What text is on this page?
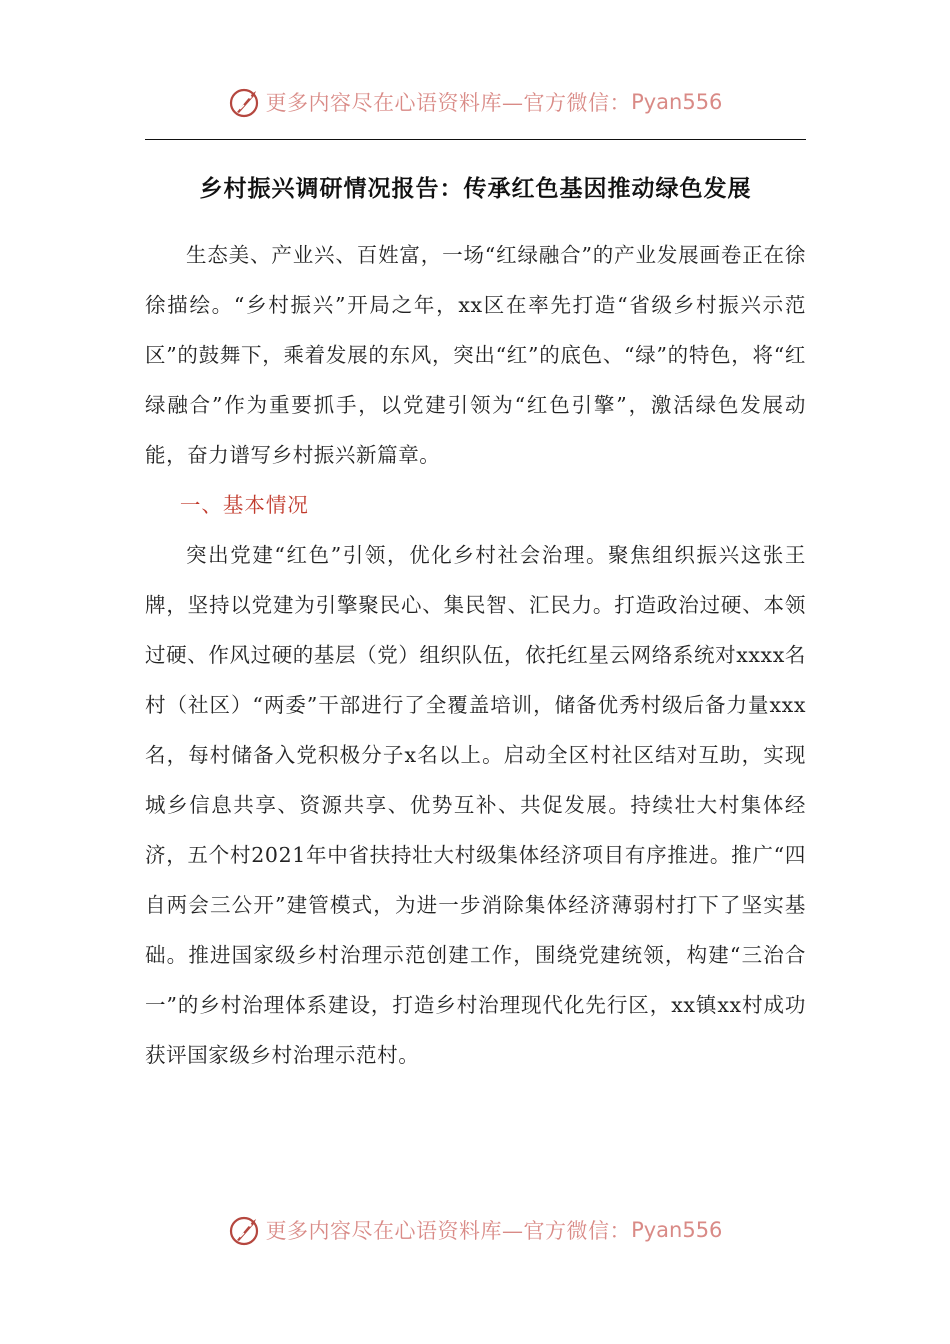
更多内容尽在心语资料库—官方微信： Pyan556
乡村振兴调研情况报告：传承红色基因推动绿色发展

生态美、产业兴、百姓富，一场“红绿融合”的产业发展画卷正在徐徐描绘。“乡村振兴”开局之年，xx区在率先打造“省级乡村振兴示范区”的鼓舞下，乘着发展的东风，突出“红”的底色、“绿”的特色，将“红绿融合”作为重要抓手，以党建引领为“红色引擎”，激活绿色发展动能，奋力谱写乡村振兴新篇章。

一、基本情况

突出党建“红色”引领，优化乡村社会治理。聚焦组织振兴这张王牌，坚持以党建为引擎聚民心、集民智、汇民力。打造政治过硬、本领过硬、作风过硬的基层（党）组织队伍，依托红星云网络系统对xxxx名村（社区）“两委”干部进行了全覆盖培训，储备优秀村级后备力量xxx名，每村储备入党积极分子x名以上。启动全区村社区结对互助，实现城乡信息共享、资源共享、优势互补、共促发展。持续壮大村集体经济，五个村2021年中省扶持壮大村级集体经济项目有序推进。推广“四自两会三公开”建管模式，为进一步消除集体经济薄弱村打下了坚实基础。推进国家级乡村治理示范创建工作，围绕党建统领，构建“三治合一”的乡村治理体系建设，打造乡村治理现代化先行区，xx镇xx村成功获评国家级乡村治理示范村。

更多内容尽在心语资料库—官方微信： Pyan556
